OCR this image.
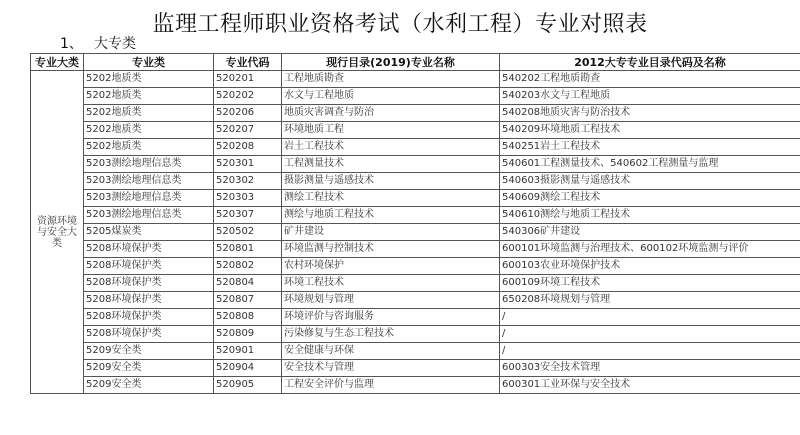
监理工程师职业资格考试（水利工程）专业对照表
1、 大专类
专业大类	专业类	专业代码	现行目录(2019)专业名称	2012大专专业目录代码及名称
资源环境与安全大类	5202地质类	520201	工程地质勘查	540202工程地质勘查
	5202地质类	520202	水文与工程地质	540203水文与工程地质
	5202地质类	520206	地质灾害调查与防治	540208地质灾害与防治技术
	5202地质类	520207	环境地质工程	540209环境地质工程技术
	5202地质类	520208	岩土工程技术	540251岩土工程技术
	5203测绘地理信息类	520301	工程测量技术	540601工程测量技术、540602工程测量与监理
	5203测绘地理信息类	520302	摄影测量与遥感技术	540603摄影测量与遥感技术
	5203测绘地理信息类	520303	测绘工程技术	540609测绘工程技术
	5203测绘地理信息类	520307	测绘与地质工程技术	540610测绘与地质工程技术
	5205煤炭类	520502	矿井建设	540306矿井建设
	5208环境保护类	520801	环境监测与控制技术	600101环境监测与治理技术、600102环境监测与评价
	5208环境保护类	520802	农村环境保护	600103农业环境保护技术
	5208环境保护类	520804	环境工程技术	600109环境工程技术
	5208环境保护类	520807	环境规划与管理	650208环境规划与管理
	5208环境保护类	520808	环境评价与咨询服务	/
	5208环境保护类	520809	污染修复与生态工程技术	/
	5209安全类	520901	安全健康与环保	/
	5209安全类	520904	安全技术与管理	600303安全技术管理
	5209安全类	520905	工程安全评价与监理	600301工业环保与安全技术
